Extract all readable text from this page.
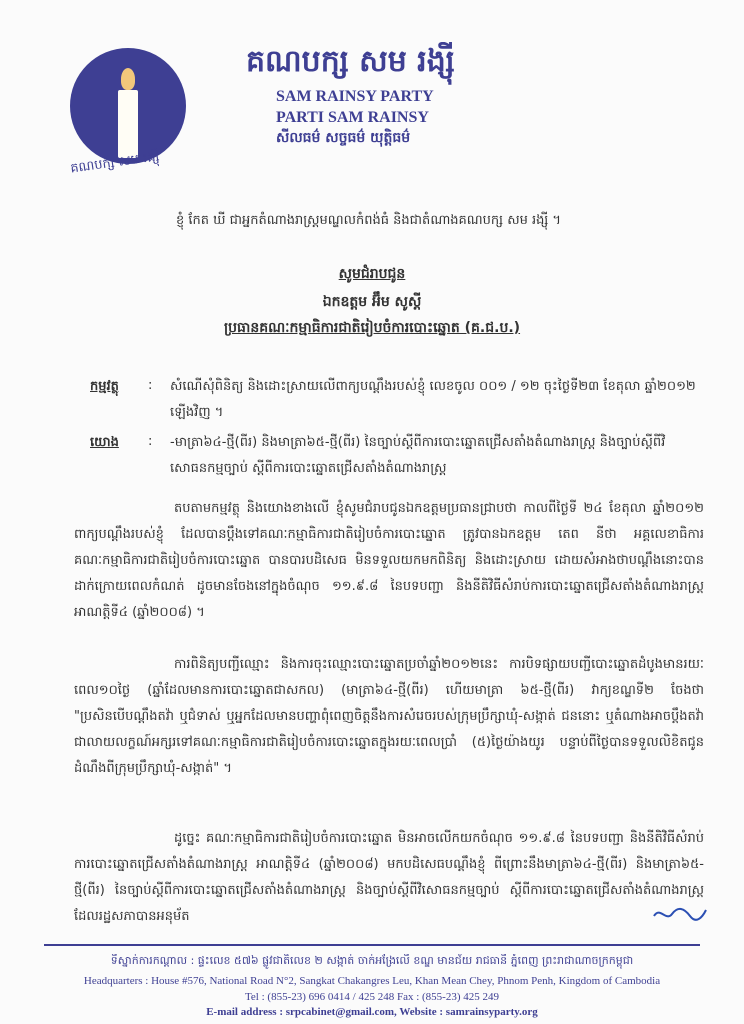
គណបក្ស សម រង្ស៊ី
គណបក្ស សម រង្ស៊ី
SAM RAINSY PARTY
PARTI SAM RAINSY
សីលធម៌ សច្ចធម៌ យុត្តិធម៌
ខ្ញុំ កែត ឃី ជាអ្នកតំណាងរាស្ត្រមណ្ឌលកំពង់ធំ និងជាតំណាងគណបក្ស សម រង្ស៊ី ។
សូមជំរាបជូន
ឯកឧត្តម អ៊ឹម សូស្តី
ប្រធានគណៈកម្មាធិការជាតិរៀបចំការបោះឆ្នោត (គ.ជ.ប.)
កម្មវត្ថុ : សំណើសុំពិនិត្យ និងដោះស្រាយលើពាក្យបណ្តឹងរបស់ខ្ញុំ លេខចូល ០០១ / ១២ ចុះថ្ងៃទី២៣ ខែតុលា ឆ្នាំ២០១២ ឡើងវិញ ។
យោង : -មាត្រា៦៤-ថ្មី(ពីរ) និងមាត្រា៦៥-ថ្មី(ពីរ) នៃច្បាប់ស្តីពីការបោះឆ្នោតជ្រើសតាំងតំណាងរាស្ត្រ និងច្បាប់ស្តីពីវិសោធនកម្មច្បាប់ ស្តីពីការបោះឆ្នោតជ្រើសតាំងតំណាងរាស្ត្រ
តបតាមកម្មវត្ថុ និងយោងខាងលើ ខ្ញុំសូមជំរាបជូនឯកឧត្តមប្រធានជ្រាបថា កាលពីថ្ងៃទី ២៤ ខែតុលា ឆ្នាំ២០១២ ពាក្យបណ្តឹងរបស់ខ្ញុំ ដែលបានប្តឹងទៅគណៈកម្មាធិការជាតិរៀបចំការបោះឆ្នោត ត្រូវបានឯកឧត្តម តេព នីថា អគ្គលេខាធិការគណៈកម្មាធិការជាតិរៀបចំការបោះឆ្នោត បានបារបដិសេធ មិនទទួលយកមកពិនិត្យ និងដោះស្រាយ ដោយសំអាងថាបណ្តឹងនោះបានដាក់ក្រោយពេលកំណត់ ដូចមានចែងនៅក្នុងចំណុច ១១.៩.៨ នៃបទបញ្ជា និងនីតិវិធីសំរាប់ការបោះឆ្នោតជ្រើសតាំងតំណាងរាស្ត្រ អាណត្តិទី៤ (ឆ្នាំ២០០៨) ។
ការពិនិត្យបញ្ជីឈ្មោះ និងការចុះឈ្មោះបោះឆ្នោតប្រចាំឆ្នាំ២០១២នេះ ការបិទផ្សាយបញ្ជីបោះឆ្នោតដំបូងមានរយៈពេល១០ថ្ងៃ (ឆ្នាំដែលមានការបោះឆ្នោតជាសកល) (មាត្រា៦៤-ថ្មី(ពីរ) ហើយមាត្រា ៦៥-ថ្មី(ពីរ) វាក្យខណ្ឌទី២ ចែងថា "ប្រសិនបើបណ្តឹងតវ៉ា ឬជំទាស់ ឬអ្នកដែលមានបញ្ហាពុំពេញចិត្តនឹងការសំរេចរបស់ក្រុមប្រឹក្សាឃុំ-សង្កាត់ ជននោះ ឬតំណាងអាចប្តឹងតវ៉ាជាលាយលក្ខណ៍អក្សរទៅគណៈកម្មាធិការជាតិរៀបចំការបោះឆ្នោតក្នុងរយៈពេលប្រាំ (៥)ថ្ងៃយ៉ាងយូរ បន្ទាប់ពីថ្ងៃបានទទួលលិខិតជូនដំណឹងពីក្រុមប្រឹក្សាឃុំ-សង្កាត់" ។
ដូច្នេះ គណៈកម្មាធិការជាតិរៀបចំការបោះឆ្នោត មិនអាចលើកយកចំណុច ១១.៩.៨ នៃបទបញ្ជា និងនីតិវិធីសំរាប់ការបោះឆ្នោតជ្រើសតាំងតំណាងរាស្ត្រ អាណត្តិទី៤ (ឆ្នាំ២០០៨) មកបដិសេធបណ្តឹងខ្ញុំ ពីព្រោះនឹងមាត្រា៦៤-ថ្មី(ពីរ) និងមាត្រា៦៥-ថ្មី(ពីរ) នៃច្បាប់ស្តីពីការបោះឆ្នោតជ្រើសតាំងតំណាងរាស្ត្រ និងច្បាប់ស្តីពីវិសោធនកម្មច្បាប់ ស្តីពីការបោះឆ្នោតជ្រើសតាំងតំណាងរាស្ត្រ ដែលរដ្ឋសភាបានអនុម័ត
ទីស្នាក់ការកណ្តាល : ផ្ទះលេខ ៥៧៦ ផ្លូវជាតិលេខ ២ សង្កាត់ ចាក់អង្រែលើ ខណ្ឌ មានជ័យ រាជធានី ភ្នំពេញ ព្រះរាជាណាចក្រកម្ពុជា
Headquarters : House #576, National Road N°2, Sangkat Chakangres Leu, Khan Mean Chey, Phnom Penh, Kingdom of Cambodia
Tel : (855-23) 696 0414 / 425 248 Fax : (855-23) 425 249
E-mail address : srpcabinet@gmail.com, Website : samrainsyparty.org
